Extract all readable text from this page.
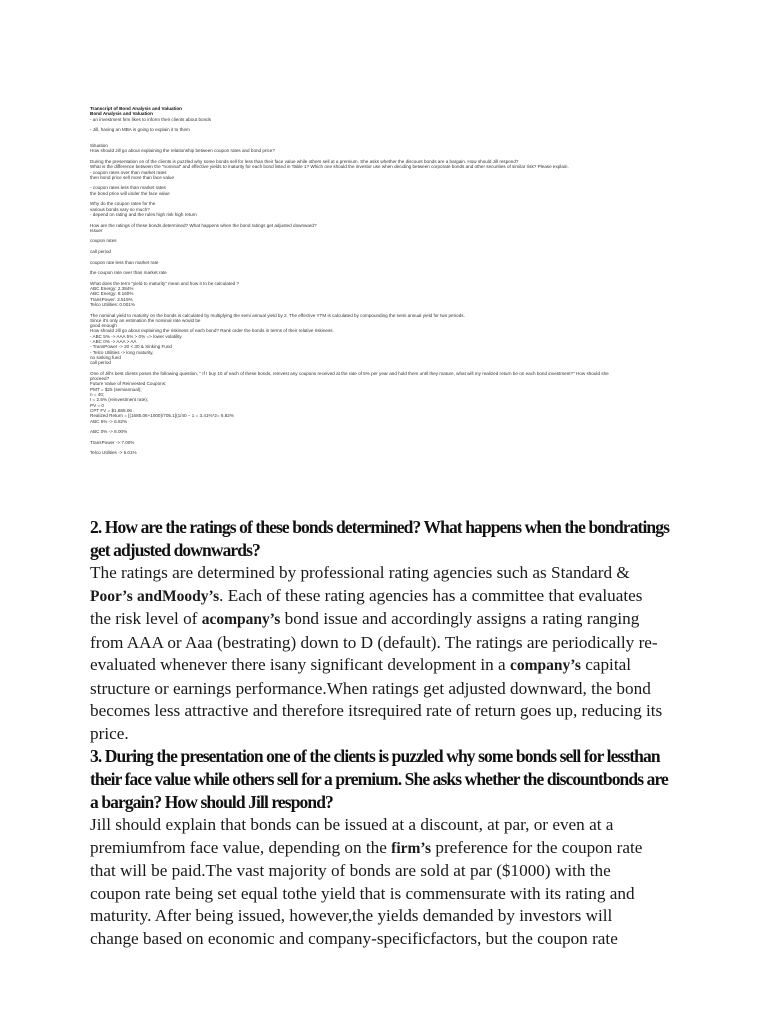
Transcript of Bond Analysis and Valuation
Bond Analysis and Valuation
- an investment firm likes to inform their clients about bonds
- Jill, having an MBA is going to explain it to them
Situation
How should Jill go about explaining the relationship between coupon rates and bond price?
During the presentation on of the clients is puzzled why some bonds sell for less than their face value while others sell at a premium. She asks whether the discount bonds are a bargain. How should Jill respond?
What is the difference between the "nominal" and effective yields to maturity for each bond listed in Table 1? Which one should the investor use when deciding between corporate bonds and other securities of similar risk? Please explain.
- coupon rates over than market rates
then bond price sell more than face value
- coupon rates less than market rates
the bond price will under the face value
Why do the coupon rates for the
various bonds vary so much?
- depend on rating and the rules high risk high return
How are the ratings of these bonds determined? What happens when the bond ratings get adjusted downward?
Issuer
coupon rates
call period
coupon rate less than market rate
the coupon rate over than market rate
What does the term "yield to maturity" mean and how it to be calculated ?
ABC Energy: 2.384%
ABC Energy: 8.160%
TransPower: 3.515%
Telco Utilities: 0.001%
The nominal yield to maturity on the bonds is calculated by multiplying the semi annual yield by 2. The effective YTM is calculated by compounding the semi annual yield for two periods.
Since it's only an estimation the nominal rate would be
good enough
How should Jill go about explaining the riskiness of each bond? Rank order the bonds in terms of their relative riskiness.
- ABC 5% -> AAA 5% > 0% => lower volatility
- ABC 0% -> AAA > AA
- TransPower -> 20 < 30 & Sinking Fund
- Telco Utilities -> long maturity,
no sinking fund
call period
One of Jill's best clients poses the following question, " If I buy 10 of each of these bonds, reinvest any coupons received at the rate of 5% per year and hold them until they mature, what will my realized return be on each bond investment?" How should she
proceed?
Future Value of Reinvested Coupons:
PMT = $25 (semiannual);
n = 40;
I = 2.5% (reinvestment rate);
PV = 0
CPT FV = $1,685.06
Realized Return = [(1685.06+1000)/705.1](1/40 − 1 = 3.41%*2= 6.82%
ABC 5% -> 6.82%
ABC 0% -> 8.00%
TransPower -> 7.00%
Telco Utilities -> 6.01%

2. How are the ratings of these bonds determined? What happens when the bondratings

get adjusted downwards?

The ratings are determined by professional rating agencies such as Standard &

Poor’s andMoody’s. Each of these rating agencies has a committee that evaluates

the risk level of acompany’s bond issue and accordingly assigns a rating ranging

from AAA or Aaa (bestrating) down to D (default). The ratings are periodically re-

evaluated whenever there isany significant development in a company’s capital

structure or earnings performance.When ratings get adjusted downward, the bond

becomes less attractive and therefore itsrequired rate of return goes up, reducing its

price.

3. During the presentation one of the clients is puzzled why some bonds sell for lessthan

their face value while others sell for a premium. She asks whether the discountbonds are

a bargain? How should Jill respond?

Jill should explain that bonds can be issued at a discount, at par, or even at a

premiumfrom face value, depending on the firm’s preference for the coupon rate

that will be paid.The vast majority of bonds are sold at par ($1000) with the

coupon rate being set equal tothe yield that is commensurate with its rating and

maturity. After being issued, however,the yields demanded by investors will

change based on economic and company-specificfactors, but the coupon rate
